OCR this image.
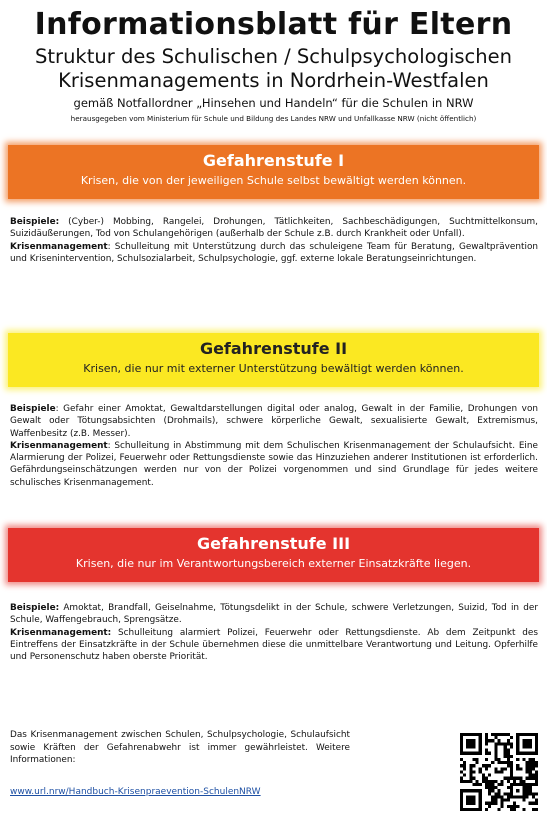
Informationsblatt für Eltern
Struktur des Schulischen / Schulpsychologischen
Krisenmanagements in Nordrhein-Westfalen
gemäß Notfallordner „Hinsehen und Handeln“ für die Schulen in NRW
herausgegeben vom Ministerium für Schule und Bildung des Landes NRW und Unfallkasse NRW (nicht öffentlich)
Gefahrenstufe I
Krisen, die von der jeweiligen Schule selbst bewältigt werden können.

Beispiele: (Cyber-) Mobbing, Rangelei, Drohungen, Tätlichkeiten, Sachbeschädigungen, Suchtmittelkonsum, Suizidäußerungen, Tod von Schulangehörigen (außerhalb der Schule z.B. durch Krankheit oder Unfall).

Krisenmanagement: Schulleitung mit Unterstützung durch das schuleigene Team für Beratung, Gewaltprävention und Krisenintervention, Schulsozialarbeit, Schulpsychologie, ggf. externe lokale Beratungseinrichtungen.

Gefahrenstufe II
Krisen, die nur mit externer Unterstützung bewältigt werden können.

Beispiele: Gefahr einer Amoktat, Gewaltdarstellungen digital oder analog, Gewalt in der Familie, Drohungen von Gewalt oder Tötungsabsichten (Drohmails), schwere körperliche Gewalt, sexualisierte Gewalt, Extremismus, Waffenbesitz (z.B. Messer).

Krisenmanagement: Schulleitung in Abstimmung mit dem Schulischen Krisenmanagement der Schulaufsicht. Eine Alarmierung der Polizei, Feuerwehr oder Rettungsdienste sowie das Hinzuziehen anderer Institutionen ist erforderlich. Gefährdungseinschätzungen werden nur von der Polizei vorgenommen und sind Grundlage für jedes weitere schulisches Krisenmanagement.

Gefahrenstufe III
Krisen, die nur im Verantwortungsbereich externer Einsatzkräfte liegen.

Beispiele: Amoktat, Brandfall, Geiselnahme, Tötungsdelikt in der Schule, schwere Verletzungen, Suizid, Tod in der Schule, Waffengebrauch, Sprengsätze.

Krisenmanagement: Schulleitung alarmiert Polizei, Feuerwehr oder Rettungsdienste. Ab dem Zeitpunkt des Eintreffens der Einsatzkräfte in der Schule übernehmen diese die unmittelbare Verantwortung und Leitung. Opferhilfe und Personenschutz haben oberste Priorität.

Das Krisenmanagement zwischen Schulen, Schulpsychologie, Schulaufsicht sowie Kräften der Gefahrenabwehr ist immer gewährleistet. Weitere Informationen:
www.url.nrw/Handbuch-Krisenpraevention-SchulenNRW
